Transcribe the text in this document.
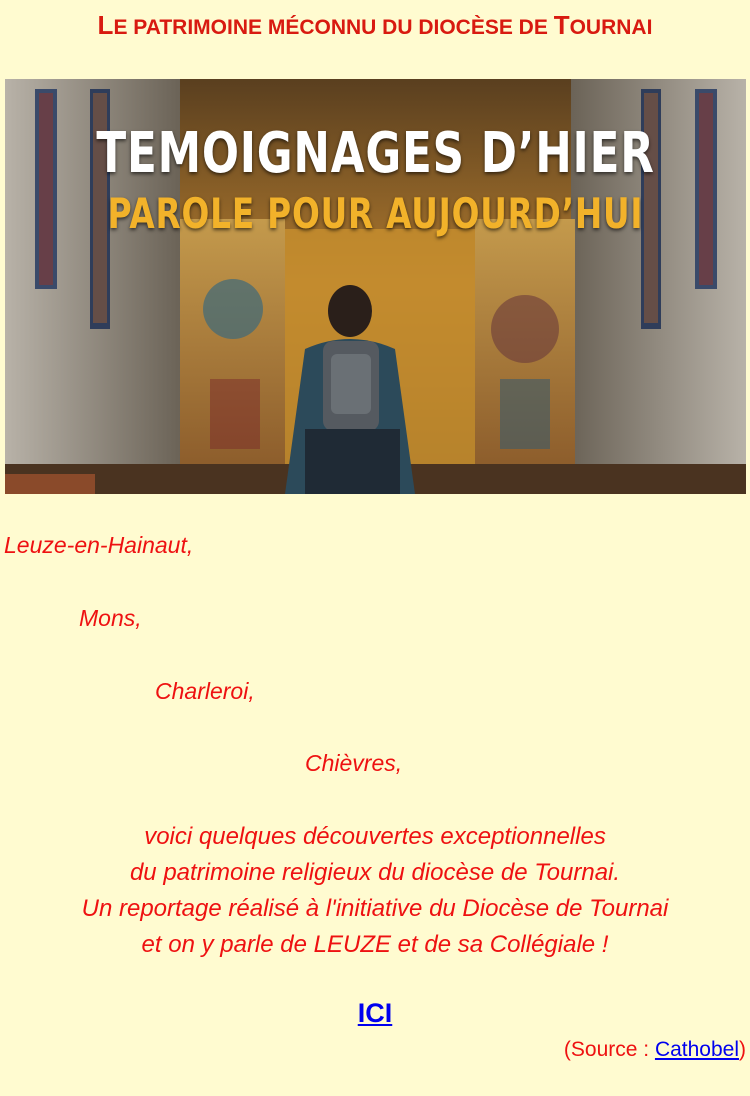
LE PATRIMOINE MÉCONNU DU DIOCÈSE DE TOURNAI
TEMOIGNAGES D’HIER
PAROLE POUR AUJOURD’HUI
Leuze-en-Hainaut,
Mons,
Charleroi,
Chièvres,
voici quelques découvertes exceptionnelles
du patrimoine religieux du diocèse de Tournai.
Un reportage réalisé à l'initiative du Diocèse de Tournai
et on y parle de LEUZE et de sa Collégiale !
ICI
(Source : Cathobel)
